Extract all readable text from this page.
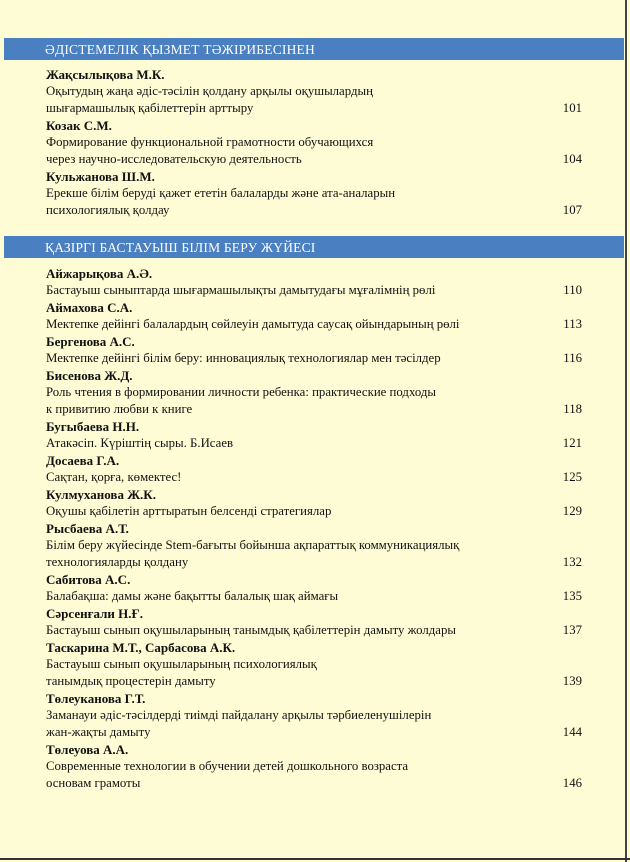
ӘДІСТЕМЕЛІК ҚЫЗМЕТ ТӘЖІРИБЕСІНЕН
Жақсылықова М.К.
Оқытудың жаңа әдіс-тәсілін қолдану арқылы оқушылардың
шығармашылық қабілеттерін арттыру	101
Козак С.М.
Формирование функциональной грамотности обучающихся
через научно-исследовательскую деятельность	104
Кульжанова Ш.М.
Ерекше білім беруді қажет ететін балаларды және ата-аналарын
психологиялық қолдау	107
ҚАЗІРГІ БАСТАУЫШ БІЛІМ БЕРУ ЖҮЙЕСІ
Айжарықова А.Ә.
Бастауыш сыныптарда шығармашылықты дамытудағы мұғалімнің рөлі	110
Аймахова С.А.
Мектепке дейінгі балалардың сөйлеуін дамытуда саусақ ойындарының рөлі	113
Бергенова А.С.
Мектепке дейінгі білім беру: инновациялық технологиялар мен тәсілдер	116
Бисенова Ж.Д.
Роль чтения в формировании личности ребенка: практические подходы
к привитию любви к книге	118
Бугыбаева Н.Н.
Атакәсіп. Күріштің сыры. Б.Исаев	121
Досаева Г.А.
Сақтан, қорға, көмектес!	125
Кулмуханова Ж.К.
Оқушы қабілетін арттыратын белсенді стратегиялар	129
Рысбаева А.Т.
Білім беру жүйесінде Stem-бағыты бойынша ақпараттық коммуникациялық
технологияларды қолдану	132
Сабитова А.С.
Балабақша: дамы және бақытты балалық шақ аймағы	135
Сәрсенғали Н.Ғ.
Бастауыш сынып оқушыларының танымдық қабілеттерін дамыту жолдары	137
Таскарина М.Т., Сарбасова А.К.
Бастауыш сынып оқушыларының психологиялық
танымдық процестерін дамыту	139
Төлеуканова Г.Т.
Заманауи әдіс-тәсілдерді тиімді пайдалану арқылы тәрбиеленушілерін
жан-жақты дамыту	144
Төлеуова А.А.
Современные технологии в обучении детей дошкольного возраста
основам грамоты	146
